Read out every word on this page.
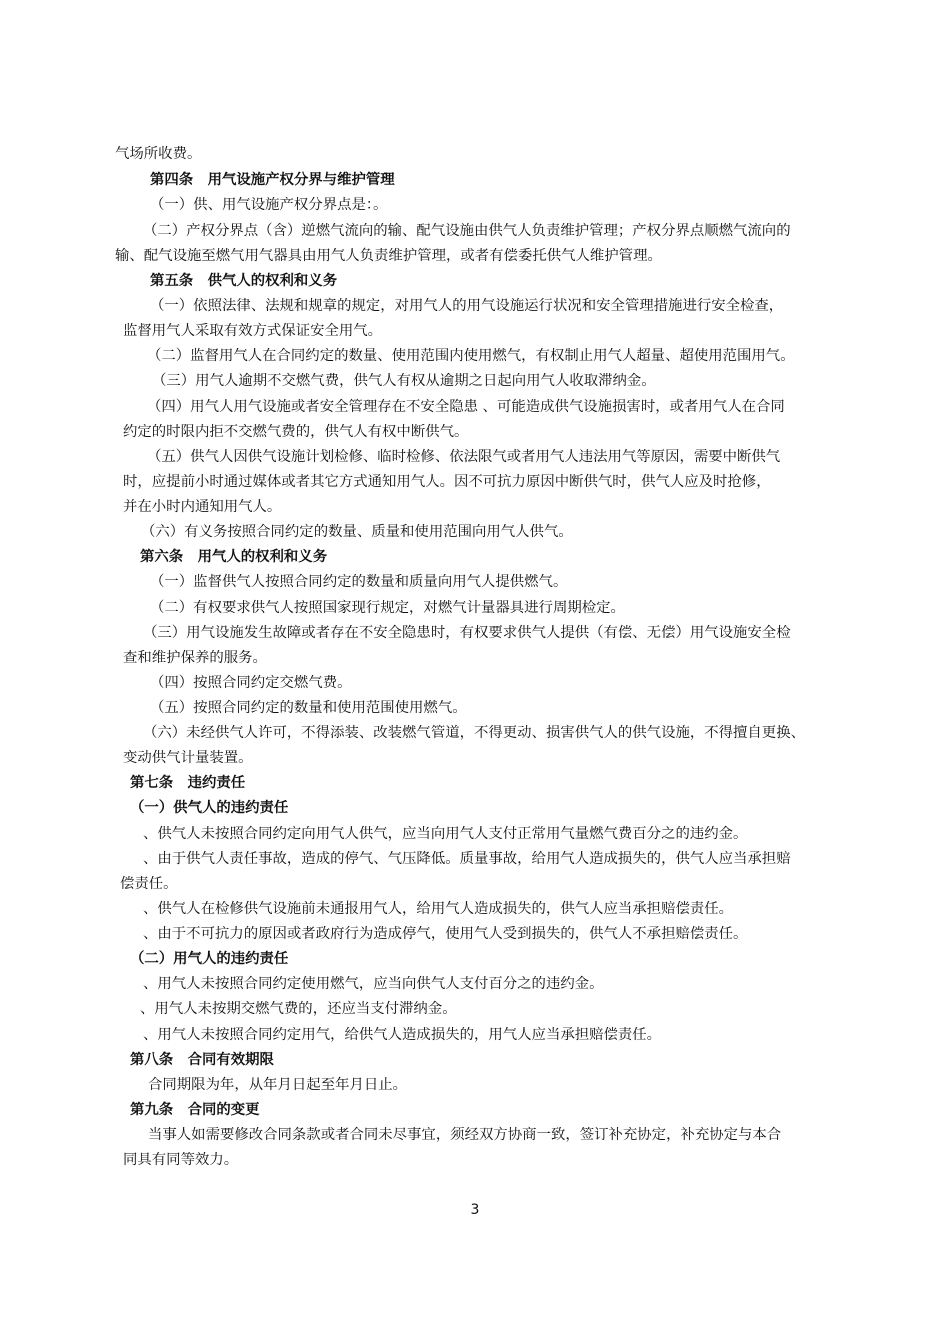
气场所收费。
第四条　用气设施产权分界与维护管理
（一）供、用气设施产权分界点是：。
（二）产权分界点（含）逆燃气流向的输、配气设施由供气人负责维护管理；产权分界点顺燃气流向的
输、配气设施至燃气用气器具由用气人负责维护管理，或者有偿委托供气人维护管理。
第五条　供气人的权利和义务
（一）依照法律、法规和规章的规定，对用气人的用气设施运行状况和安全管理措施进行安全检查，
监督用气人采取有效方式保证安全用气。
（二）监督用气人在合同约定的数量、使用范围内使用燃气，有权制止用气人超量、超使用范围用气。
（三）用气人逾期不交燃气费，供气人有权从逾期之日起向用气人收取滞纳金。
（四）用气人用气设施或者安全管理存在不安全隐患 、可能造成供气设施损害时，或者用气人在合同
约定的时限内拒不交燃气费的，供气人有权中断供气。
（五）供气人因供气设施计划检修、临时检修、依法限气或者用气人违法用气等原因，需要中断供气
时，应提前小时通过媒体或者其它方式通知用气人。因不可抗力原因中断供气时，供气人应及时抢修，
并在小时内通知用气人。
（六）有义务按照合同约定的数量、质量和使用范围向用气人供气。
第六条　用气人的权利和义务
（一）监督供气人按照合同约定的数量和质量向用气人提供燃气。
（二）有权要求供气人按照国家现行规定，对燃气计量器具进行周期检定。
（三）用气设施发生故障或者存在不安全隐患时，有权要求供气人提供（有偿、无偿）用气设施安全检
查和维护保养的服务。
（四）按照合同约定交燃气费。
（五）按照合同约定的数量和使用范围使用燃气。
（六）未经供气人许可，不得添装、改装燃气管道，不得更动、损害供气人的供气设施，不得擅自更换、
变动供气计量装置。
第七条　违约责任
（一）供气人的违约责任
、供气人未按照合同约定向用气人供气，应当向用气人支付正常用气量燃气费百分之的违约金。
、由于供气人责任事故，造成的停气、气压降低。质量事故，给用气人造成损失的，供气人应当承担赔
偿责任。
、供气人在检修供气设施前未通报用气人，给用气人造成损失的，供气人应当承担赔偿责任。
、由于不可抗力的原因或者政府行为造成停气，使用气人受到损失的，供气人不承担赔偿责任。
（二）用气人的违约责任
、用气人未按照合同约定使用燃气，应当向供气人支付百分之的违约金。
、用气人未按期交燃气费的，还应当支付滞纳金。
、用气人未按照合同约定用气，给供气人造成损失的，用气人应当承担赔偿责任。
第八条　合同有效期限
合同期限为年，从年月日起至年月日止。
第九条　合同的变更
当事人如需要修改合同条款或者合同未尽事宜，须经双方协商一致，签订补充协定，补充协定与本合
同具有同等效力。
3
